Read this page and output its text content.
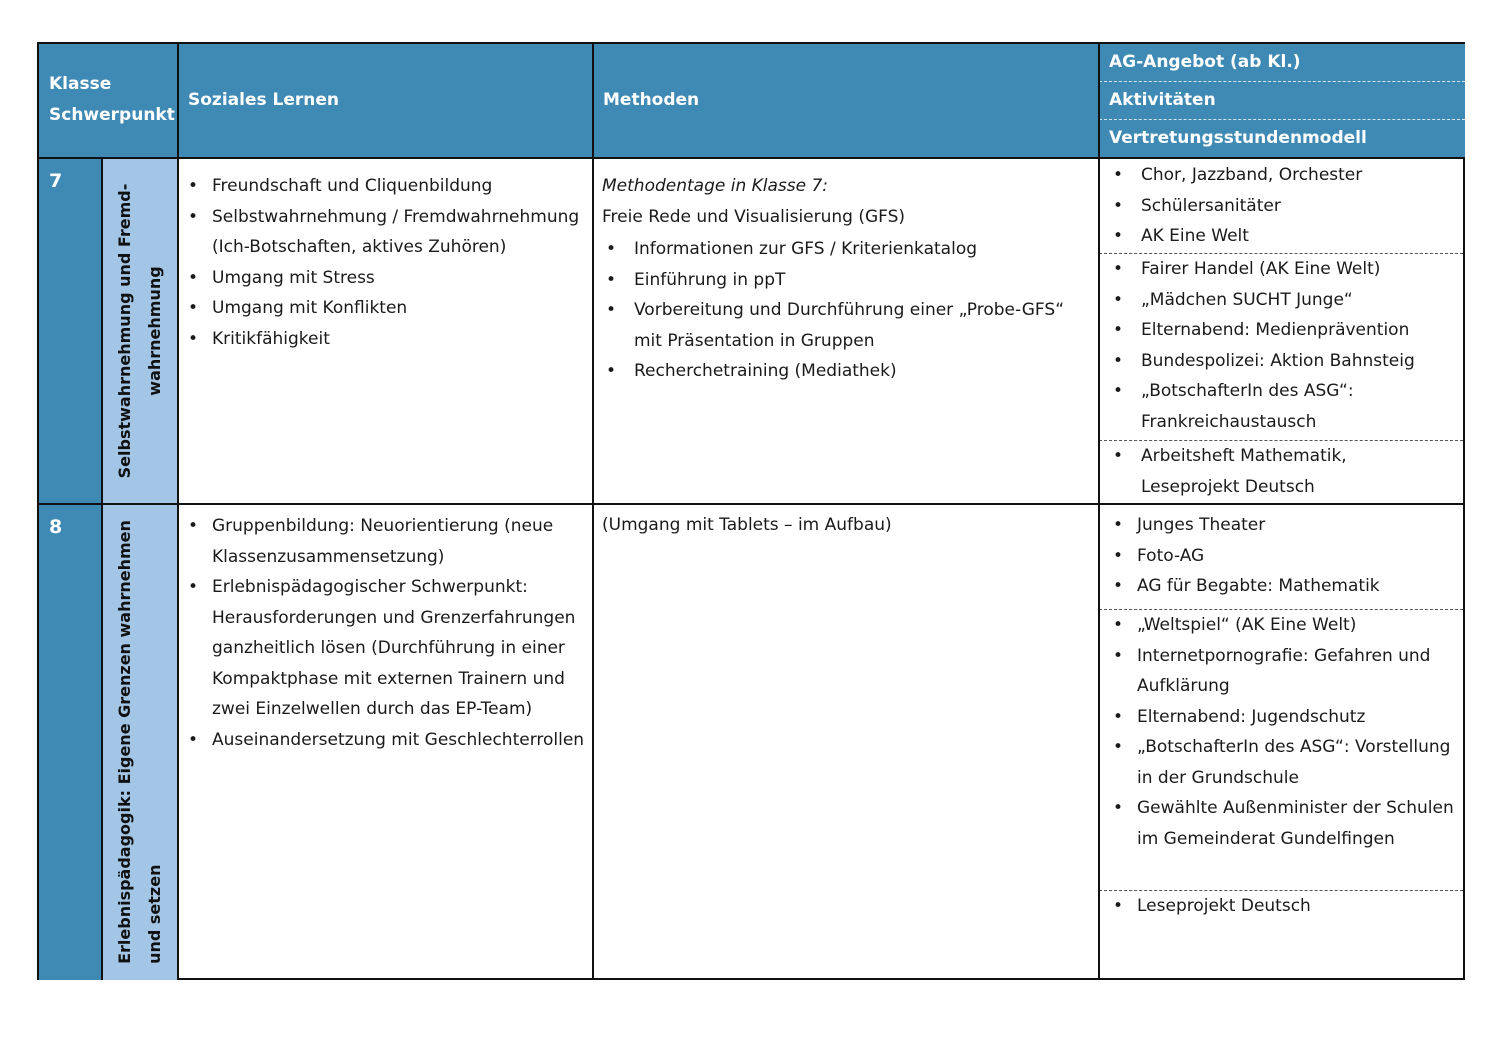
Klasse
Schwerpunkt
Soziales Lernen	Methoden
AG-Angebot (ab Kl.)
Aktivitäten
Vertretungsstundenmodell
7
Selbstwahrnehmung und Fremd- wahrnehmung
• Freundschaft und Cliquenbildung
• Selbstwahrnehmung / Fremdwahrnehmung (Ich-Botschaften, aktives Zuhören)
• Umgang mit Stress
• Umgang mit Konflikten
• Kritikfähigkeit
Methodentage in Klasse 7:
Freie Rede und Visualisierung (GFS)
• Informationen zur GFS / Kriterienkatalog
• Einführung in ppT
• Vorbereitung und Durchführung einer „Probe-GFS“ mit Präsentation in Gruppen
• Recherchetraining (Mediathek)
• Chor, Jazzband, Orchester
• Schülersanitäter
• AK Eine Welt
• Fairer Handel (AK Eine Welt)
• „Mädchen SUCHT Junge“
• Elternabend: Medienprävention
• Bundespolizei: Aktion Bahnsteig
• „BotschafterIn des ASG“: Frankreichaustausch
• Arbeitsheft Mathematik, Leseprojekt Deutsch
8	Erlebnispädagogik: Eigene Grenzen wahrnehmen und setzen
• Gruppenbildung: Neuorientierung (neue Klassenzusammensetzung)
• Erlebnispädagogischer Schwerpunkt: Herausforderungen und Grenzerfahrungen ganzheitlich lösen (Durchführung in einer Kompaktphase mit externen Trainern und zwei Einzelwellen durch das EP-Team)
• Auseinandersetzung mit Geschlechterrollen
(Umgang mit Tablets – im Aufbau)
•	Junges Theater
• Foto-AG
• AG für Begabte: Mathematik
• „Weltspiel“ (AK Eine Welt)
• Internetpornografie: Gefahren und Aufklärung
• Elternabend: Jugendschutz
• „BotschafterIn des ASG“: Vorstellung in der Grundschule
• Gewählte Außenminister der Schulen im Gemeinderat Gundelfingen
• Leseprojekt Deutsch
